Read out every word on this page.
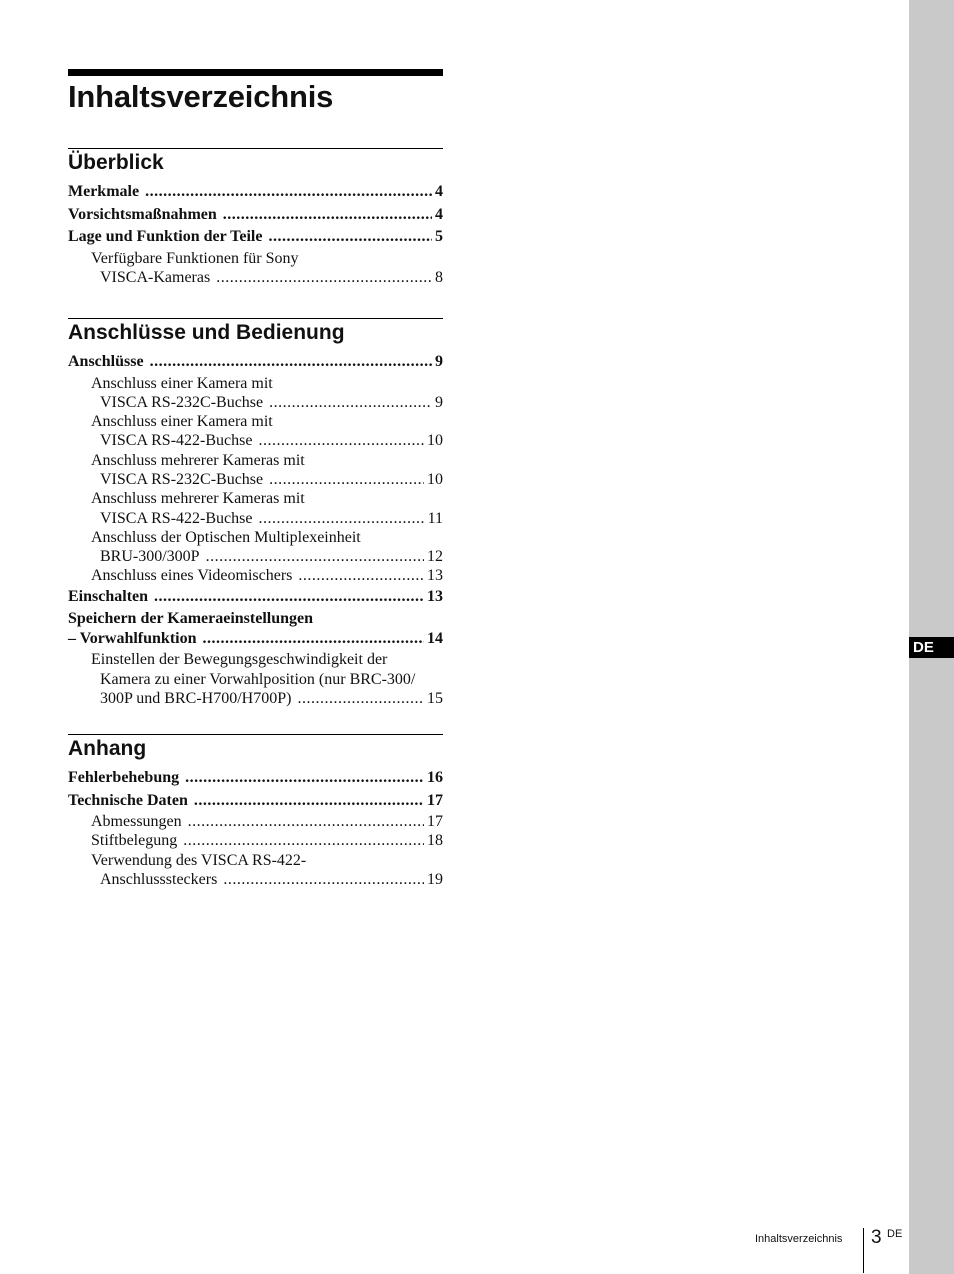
DE
Inhaltsverzeichnis
Überblick
Merkmale .....	4
Vorsichtsmaßnahmen .....	4
Lage und Funktion der Teile .....	5
Verfügbare Funktionen für Sony
VISCA-Kameras .....	8
Anschlüsse und Bedienung
Anschlüsse .....	9
Anschluss einer Kamera mit
VISCA RS-232C-Buchse .....	9
Anschluss einer Kamera mit
VISCA RS-422-Buchse .....	10
Anschluss mehrerer Kameras mit
VISCA RS-232C-Buchse .....	10
Anschluss mehrerer Kameras mit
VISCA RS-422-Buchse .....	11
Anschluss der Optischen Multiplexeinheit
BRU-300/300P .....	12
Anschluss eines Videomischers .....	13
Einschalten .....	13
Speichern der Kameraeinstellungen
– Vorwahlfunktion .....	14
Einstellen der Bewegungsgeschwindigkeit der
Kamera zu einer Vorwahlposition (nur BRC-300/
300P und BRC-H700/H700P) .....	15
Anhang
Fehlerbehebung .....	16
Technische Daten .....	17
Abmessungen .....	17
Stiftbelegung .....	18
Verwendung des VISCA RS-422-
Anschlusssteckers .....	19
Inhaltsverzeichnis 3 DE
